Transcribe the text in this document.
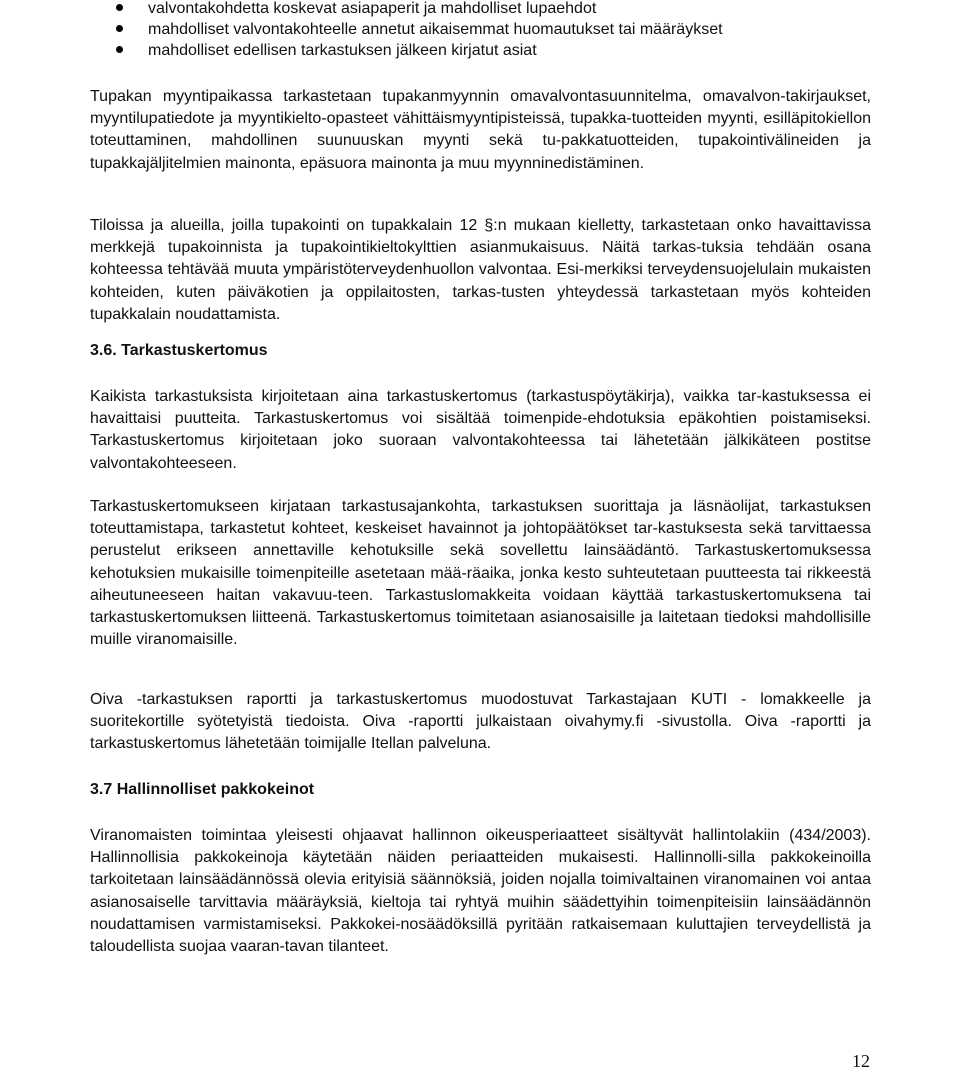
valvontakohdetta koskevat asiapaperit ja mahdolliset lupaehdot
mahdolliset valvontakohteelle annetut aikaisemmat huomautukset tai määräykset
mahdolliset edellisen tarkastuksen jälkeen kirjatut asiat

Tupakan myyntipaikassa tarkastetaan tupakanmyynnin omavalvontasuunnitelma, omavalvon-takirjaukset, myyntilupatiedote ja myyntikielto-opasteet vähittäismyyntipisteissä, tupakka-tuotteiden myynti, esilläpitokiellon toteuttaminen, mahdollinen suunuuskan myynti sekä tu-pakkatuotteiden, tupakointivälineiden ja tupakkajäljitelmien mainonta, epäsuora mainonta ja muu myynninedistäminen.

Tiloissa ja alueilla, joilla tupakointi on tupakkalain 12 §:n mukaan kielletty, tarkastetaan onko havaittavissa merkkejä tupakoinnista ja tupakointikieltokylttien asianmukaisuus. Näitä tarkas-tuksia tehdään osana kohteessa tehtävää muuta ympäristöterveydenhuollon valvontaa. Esi-merkiksi terveydensuojelulain mukaisten kohteiden, kuten päiväkotien ja oppilaitosten, tarkas-tusten yhteydessä tarkastetaan myös kohteiden tupakkalain noudattamista.

3.6. Tarkastuskertomus

Kaikista tarkastuksista kirjoitetaan aina tarkastuskertomus (tarkastuspöytäkirja), vaikka tar-kastuksessa ei havaittaisi puutteita. Tarkastuskertomus voi sisältää toimenpide-ehdotuksia epäkohtien poistamiseksi. Tarkastuskertomus kirjoitetaan joko suoraan valvontakohteessa tai lähetetään jälkikäteen postitse valvontakohteeseen.

Tarkastuskertomukseen kirjataan tarkastusajankohta, tarkastuksen suorittaja ja läsnäolijat, tarkastuksen toteuttamistapa, tarkastetut kohteet, keskeiset havainnot ja johtopäätökset tar-kastuksesta sekä tarvittaessa perustelut erikseen annettaville kehotuksille sekä sovellettu lainsäädäntö. Tarkastuskertomuksessa kehotuksien mukaisille toimenpiteille asetetaan mää-räaika, jonka kesto suhteutetaan puutteesta tai rikkeestä aiheutuneeseen haitan vakavuu-teen. Tarkastuslomakkeita voidaan käyttää tarkastuskertomuksena tai tarkastuskertomuksen liitteenä. Tarkastuskertomus toimitetaan asianosaisille ja laitetaan tiedoksi mahdollisille muille viranomaisille.

Oiva -tarkastuksen raportti ja tarkastuskertomus muodostuvat Tarkastajaan KUTI - lomakkeelle ja suoritekortille syötetyistä tiedoista. Oiva -raportti julkaistaan oivahymy.fi -sivustolla. Oiva -raportti ja tarkastuskertomus lähetetään toimijalle Itellan palveluna.

3.7 Hallinnolliset pakkokeinot

Viranomaisten toimintaa yleisesti ohjaavat hallinnon oikeusperiaatteet sisältyvät hallintolakiin (434/2003). Hallinnollisia pakkokeinoja käytetään näiden periaatteiden mukaisesti. Hallinnolli-silla pakkokeinoilla tarkoitetaan lainsäädännössä olevia erityisiä säännöksiä, joiden nojalla toimivaltainen viranomainen voi antaa asianosaiselle tarvittavia määräyksiä, kieltoja tai ryhtyä muihin säädettyihin toimenpiteisiin lainsäädännön noudattamisen varmistamiseksi. Pakkokei-nosäädöksillä pyritään ratkaisemaan kuluttajien terveydellistä ja taloudellista suojaa vaaran-tavan tilanteet.

12
